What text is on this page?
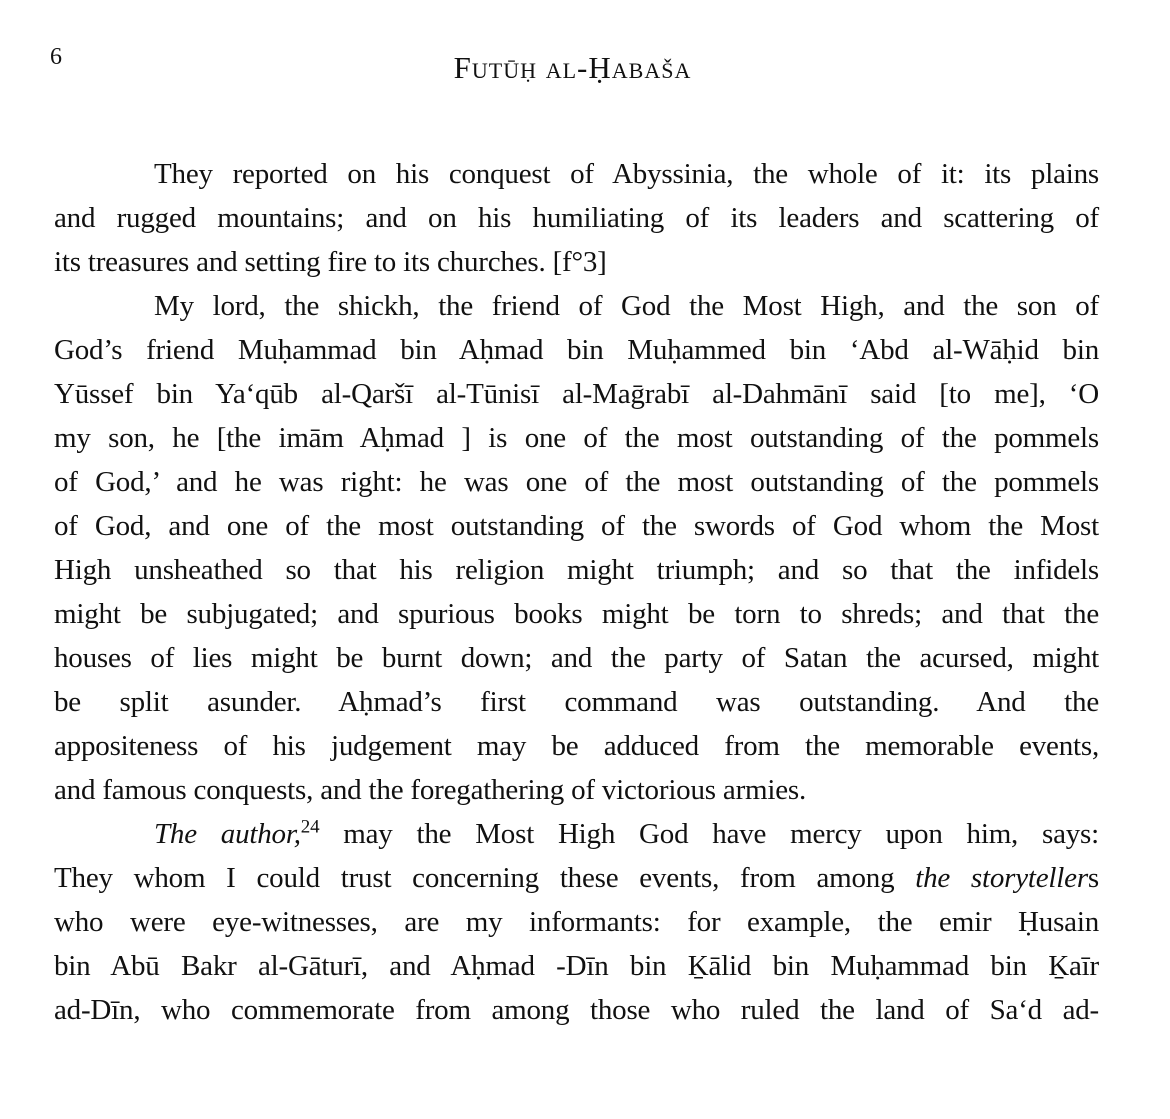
6	Futūḥ al-Ḥabaša
They reported on his conquest of Abyssinia, the whole of it: its plains
and rugged mountains; and on his humiliating of its leaders and scattering of
its treasures and setting fire to its churches. [f°3]
My lord, the shickh, the friend of God the Most High, and the son of
God’s friend Muḥammad bin Aḥmad bin Muḥammed bin ‘Abd al-Wāḥid bin
Yūssef bin Ya‘qūb al-Qaršī al-Tūnisī al-Maḡrabī al-Dahmānī said [to me], ‘O
my son, he [the imām Aḥmad ] is one of the most outstanding of the pommels
of God,’ and he was right: he was one of the most outstanding of the pommels
of God, and one of the most outstanding of the swords of God whom the Most
High unsheathed so that his religion might triumph; and so that the infidels
might be subjugated; and spurious books might be torn to shreds; and that the
houses of lies might be burnt down; and the party of Satan the acursed, might
be split asunder. Aḥmad’s first command was outstanding. And the
appositeness of his judgement may be adduced from the memorable events,
and famous conquests, and the foregathering of victorious armies.
The author,$^{24}$ may the Most High God have mercy upon him, says:
They whom I could trust concerning these events, from among the storytellers
who were eye-witnesses, are my informants: for example, the emir Ḥusain
bin Abū Bakr al-Gāturī, and Aḥmad -Dīn bin Ḵālid bin Muḥammad bin Ḵaīr
ad-Dīn, who commemorate from among those who ruled the land of Sa‘d ad-
